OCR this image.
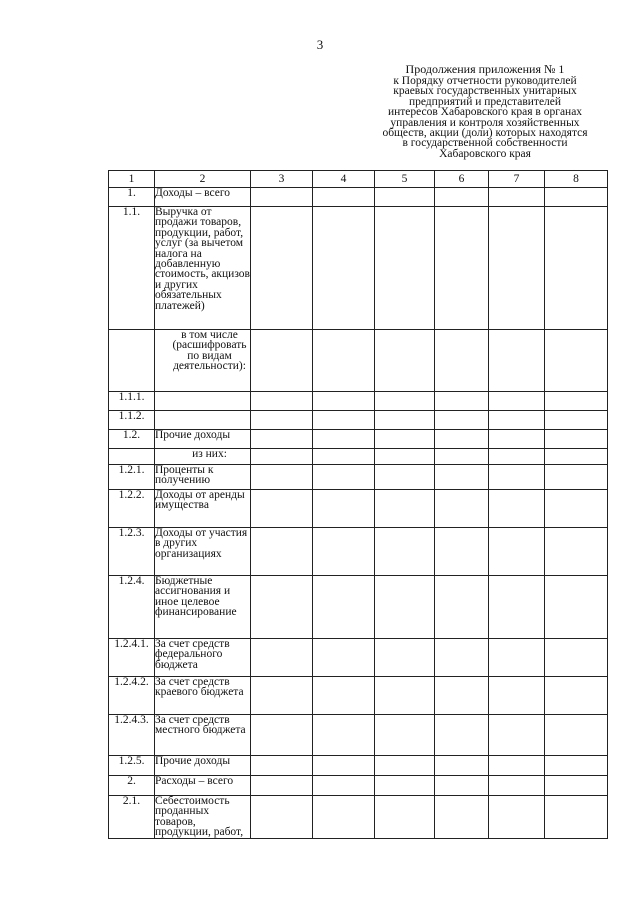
3
Продолжения приложения № 1
к Порядку отчетности руководителей
краевых государственных унитарных
предприятий и представителей
интересов Хабаровского края в органах
управления и контроля хозяйственных
обществ, акции (доли) которых находятся
в государственной собственности
Хабаровского края
1	2	3	4	5	6	7	8
1.	Доходы – всего						
1.1.	Выручка от продажи товаров, продукции, работ, услуг (за вычетом налога на добавленную стоимость, акцизов и других обязательных платежей)						
	в том числе (расшифровать по видам деятельности):						
1.1.1.							
1.1.2.							
1.2.	Прочие доходы						
	из них:						
1.2.1.	Проценты к получению						
1.2.2.	Доходы от аренды имущества						
1.2.3.	Доходы от участия в других организациях						
1.2.4.	Бюджетные ассигнования и иное целевое финансирование						
1.2.4.1.	За счет средств федерального бюджета						
1.2.4.2.	За счет средств краевого бюджета						
1.2.4.3.	За счет средств местного бюджета						
1.2.5.	Прочие доходы						
2.	Расходы – всего						
2.1.	Себестоимость проданных товаров, продукции, работ,						
